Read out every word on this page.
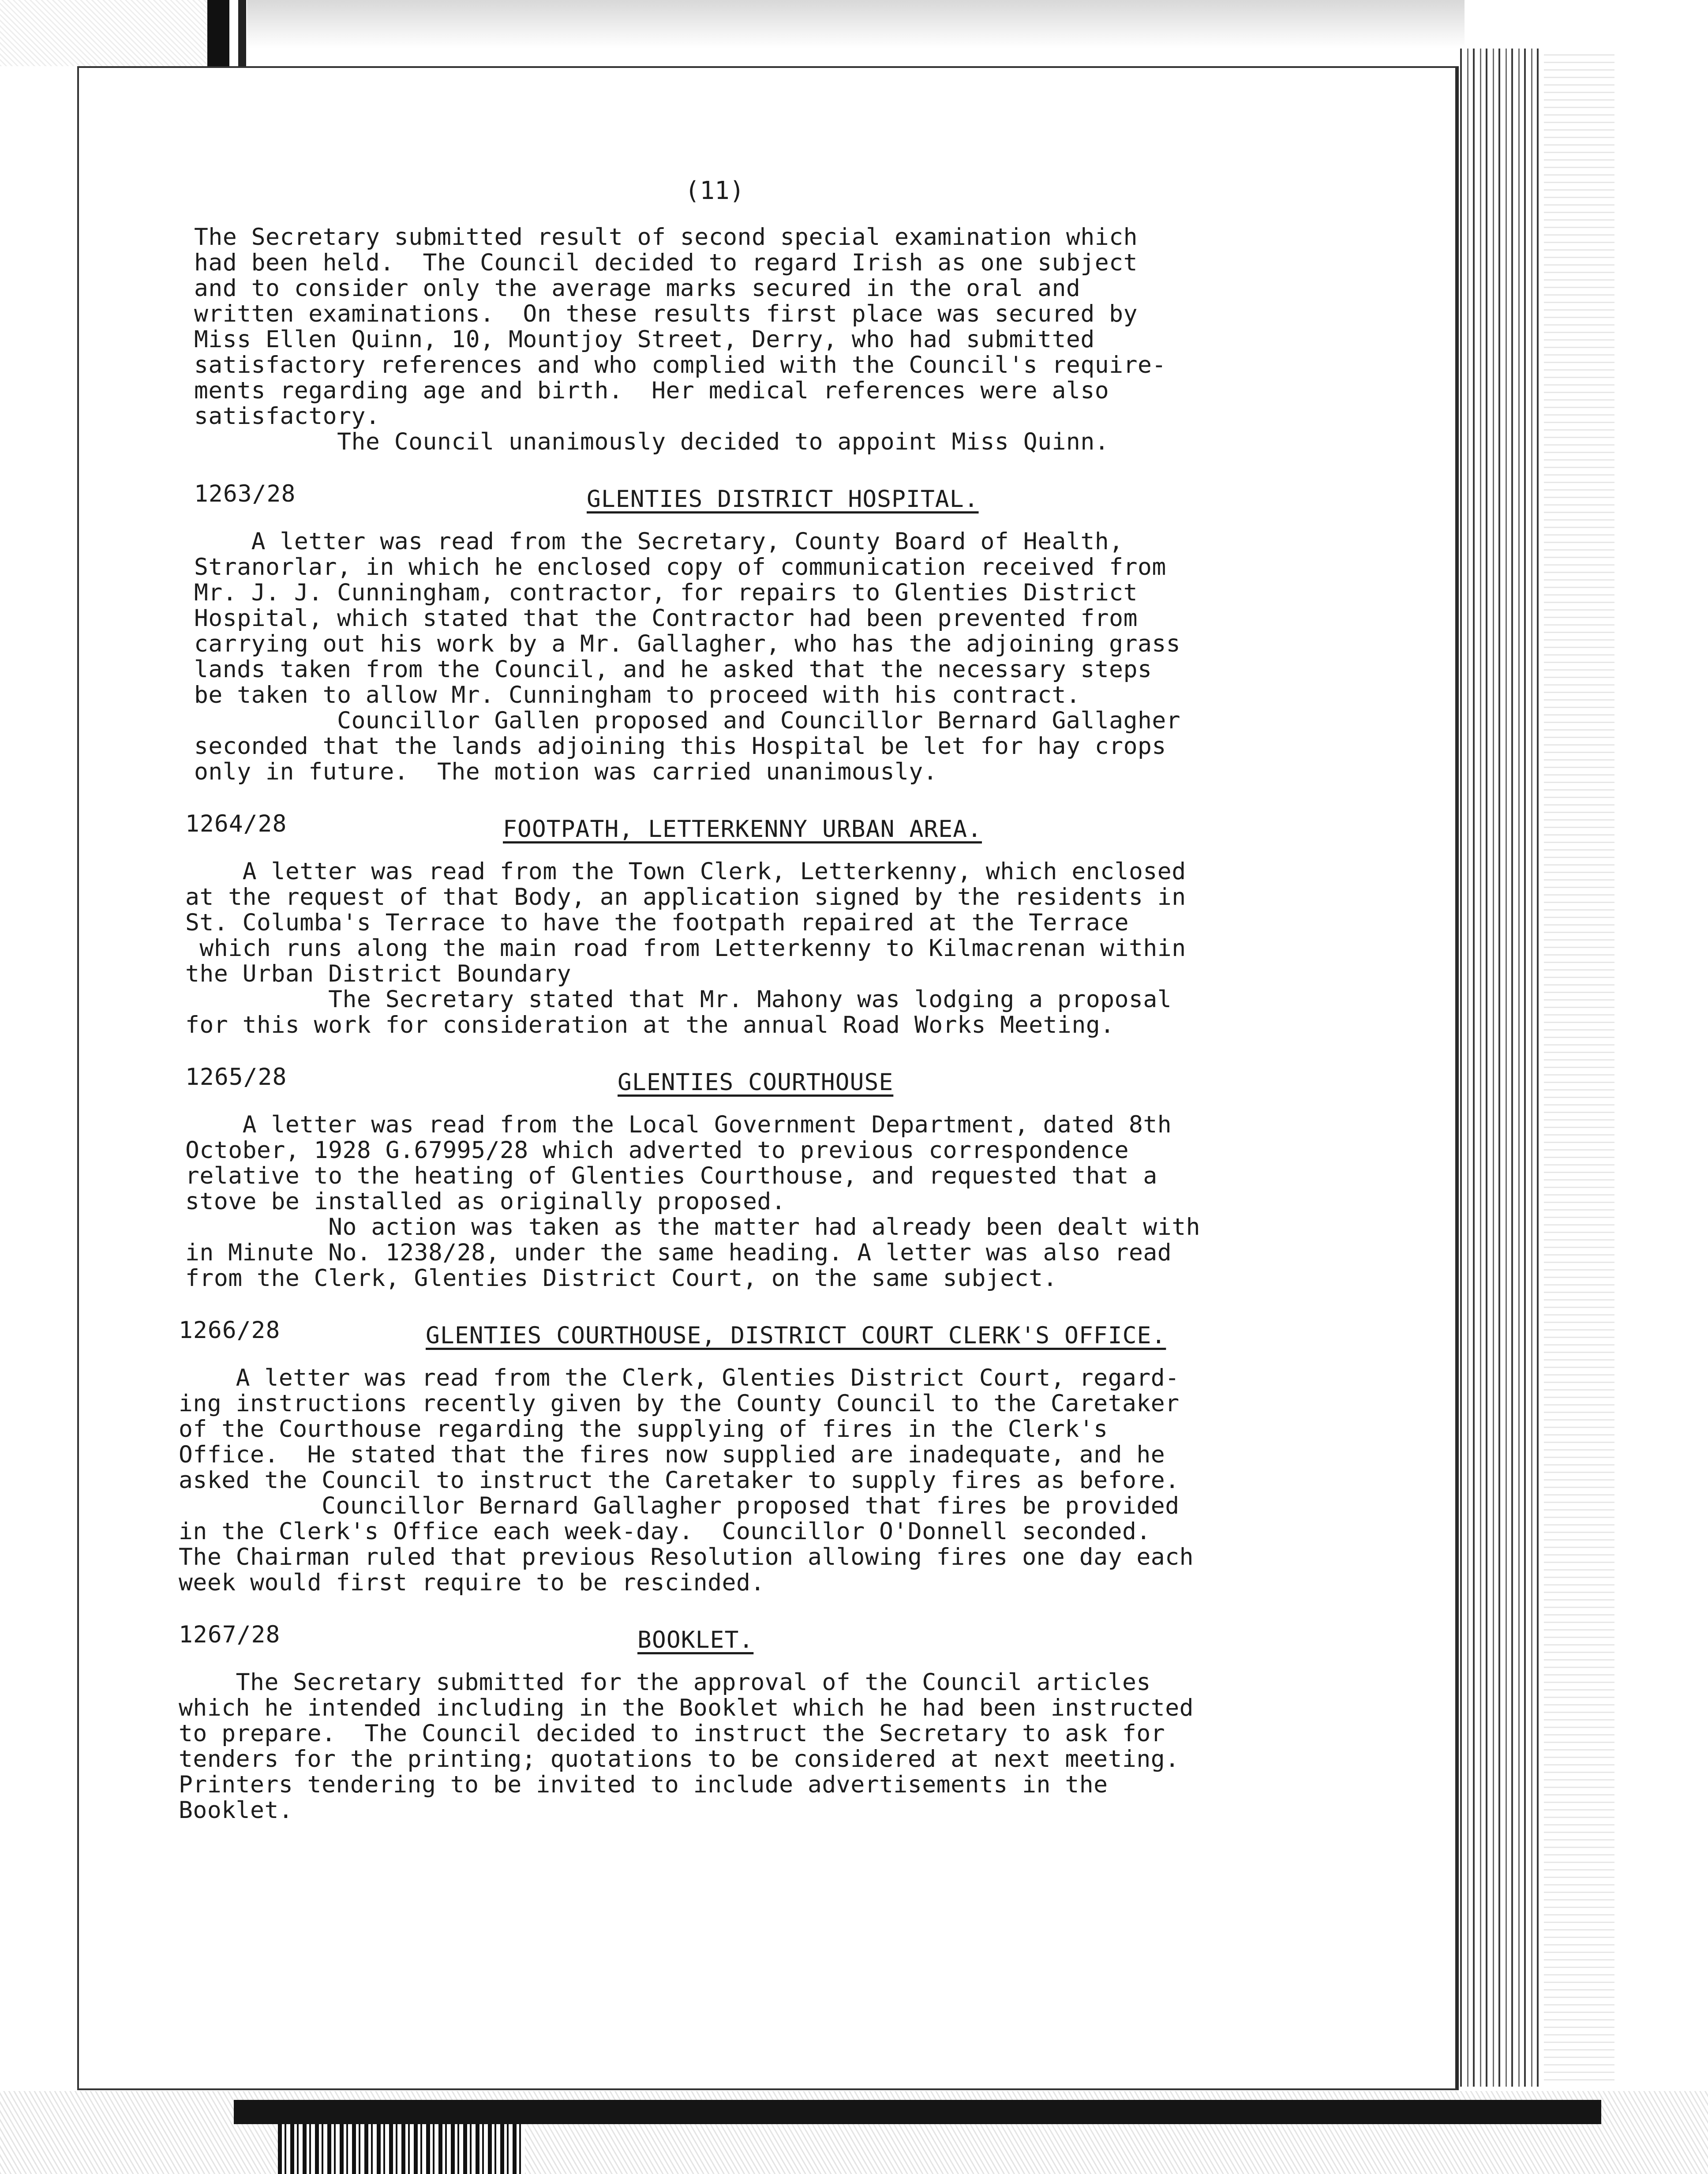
(11)

The Secretary submitted result of second special examination which
had been held.  The Council decided to regard Irish as one subject
and to consider only the average marks secured in the oral and
written examinations.  On these results first place was secured by
Miss Ellen Quinn, 10, Mountjoy Street, Derry, who had submitted
satisfactory references and who complied with the Council's require-
ments regarding age and birth.  Her medical references were also
satisfactory.

The Council unanimously decided to appoint Miss Quinn.

1263/28	GLENTIES DISTRICT HOSPITAL.

A letter was read from the Secretary, County Board of Health,
Stranorlar, in which he enclosed copy of communication received from
Mr. J. J. Cunningham, contractor, for repairs to Glenties District
Hospital, which stated that the Contractor had been prevented from
carrying out his work by a Mr. Gallagher, who has the adjoining grass
lands taken from the Council, and he asked that the necessary steps
be taken to allow Mr. Cunningham to proceed with his contract.

Councillor Gallen proposed and Councillor Bernard Gallagher
seconded that the lands adjoining this Hospital be let for hay crops
only in future.  The motion was carried unanimously.

1264/28	FOOTPATH, LETTERKENNY URBAN AREA.

A letter was read from the Town Clerk, Letterkenny, which enclosed
at the request of that Body, an application signed by the residents in
St. Columba's Terrace to have the footpath repaired at the Terrace
which runs along the main road from Letterkenny to Kilmacrenan within
the Urban District Boundary

The Secretary stated that Mr. Mahony was lodging a proposal
for this work for consideration at the annual Road Works Meeting.

1265/28	GLENTIES COURTHOUSE

A letter was read from the Local Government Department, dated 8th
October, 1928 G.67995/28 which adverted to previous correspondence
relative to the heating of Glenties Courthouse, and requested that a
stove be installed as originally proposed.

No action was taken as the matter had already been dealt with
in Minute No. 1238/28, under the same heading. A letter was also read
from the Clerk, Glenties District Court, on the same subject.

1266/28	GLENTIES COURTHOUSE, DISTRICT COURT CLERK'S OFFICE.

A letter was read from the Clerk, Glenties District Court, regard-
ing instructions recently given by the County Council to the Caretaker
of the Courthouse regarding the supplying of fires in the Clerk's
Office.  He stated that the fires now supplied are inadequate, and he
asked the Council to instruct the Caretaker to supply fires as before.

Councillor Bernard Gallagher proposed that fires be provided
in the Clerk's Office each week-day.  Councillor O'Donnell seconded.
The Chairman ruled that previous Resolution allowing fires one day each
week would first require to be rescinded.

1267/28	BOOKLET.

The Secretary submitted for the approval of the Council articles
which he intended including in the Booklet which he had been instructed
to prepare.  The Council decided to instruct the Secretary to ask for
tenders for the printing; quotations to be considered at next meeting.
Printers tendering to be invited to include advertisements in the
Booklet.
